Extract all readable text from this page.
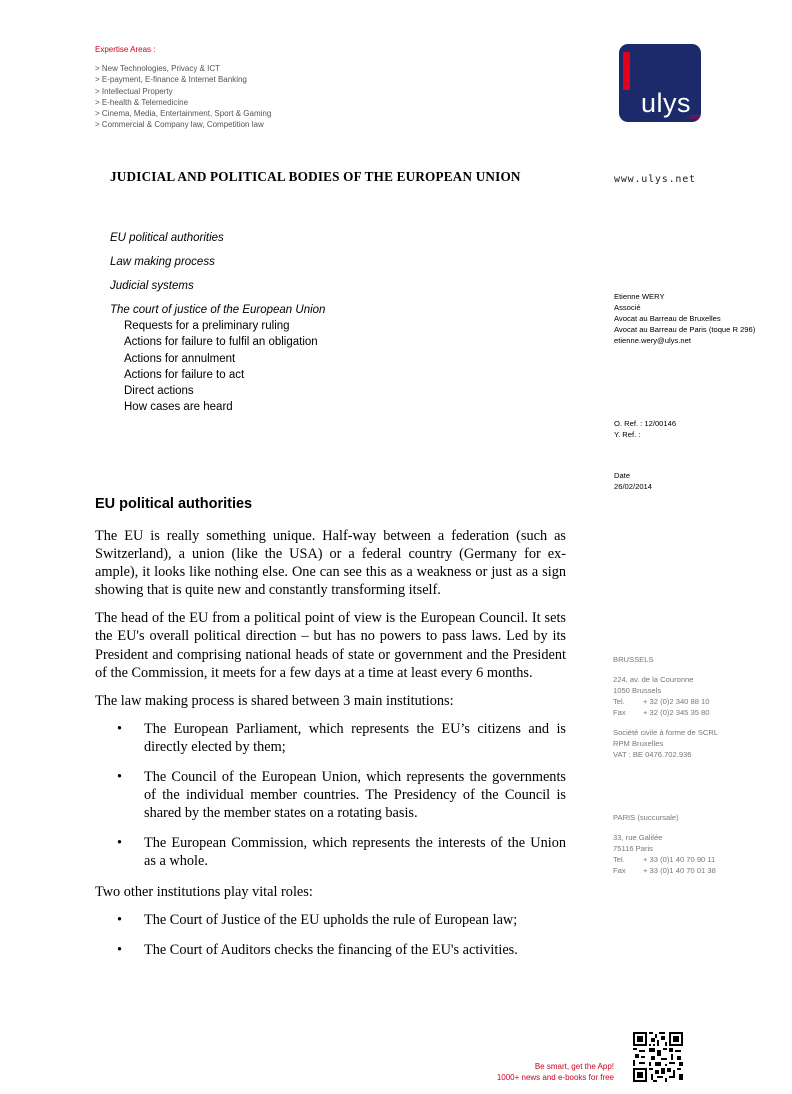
Expertise Areas :
> New Technologies, Privacy & ICT
> E-payment, E-finance & Internet Banking
> Intellectual Property
> E-health & Telemedicine
> Cinema, Media, Entertainment, Sport & Gaming
> Commercial & Company law, Competition law
ulys
.net
JUDICIAL AND POLITICAL BODIES OF THE EUROPEAN UNION	www.ulys.net
EU political authorities
Law making process
Judicial systems
The court of justice of the European Union
Requests for a preliminary ruling
Actions for failure to fulfil an obligation
Actions for annulment
Actions for failure to act
Direct actions
How cases are heard
Etienne WERY
Associé
Avocat au Barreau de Bruxelles
Avocat au Barreau de Paris (toque R 296)
etienne.wery@ulys.net
O. Ref. : 12/00146
Y. Ref. :
Date
26/02/2014
BRUSSELS
224, av. de la Couronne
1050 Brussels
Tel. + 32 (0)2 340 88 10
Fax + 32 (0)2 345 35 80
Société civile à forme de SCRL
RPM Bruxelles
VAT : BE 0476.702.936
PARIS (succursale)
33, rue Galilée
75116 Paris
Tel. + 33 (0)1 40 70 90 11
Fax + 33 (0)1 40 70 01 38
EU political authorities

The EU is really something unique. Half-way between a federation (such as Switzerland), a union (like the USA) or a federal country (Germany for ex- ample), it looks like nothing else. One can see this as a weakness or just as a sign showing that is quite new and constantly transforming itself.

The head of the EU from a political point of view is the European Council. It sets the EU's overall political direction – but has no powers to pass laws. Led by its President and comprising national heads of state or government and the President of the Commission, it meets for a few days at a time at least every 6 months.

The law making process is shared between 3 main institutions:

• The European Parliament, which represents the EU’s citizens and is directly elected by them;
• The Council of the European Union, which represents the governments of the individual member countries. The Presidency of the Council is shared by the member states on a rotating basis.
• The European Commission, which represents the interests of the Union as a whole.

Two other institutions play vital roles:

• The Court of Justice of the EU upholds the rule of European law;
• The Court of Auditors checks the financing of the EU's activities.
Be smart, get the App!
1000+ news and e-books for free
